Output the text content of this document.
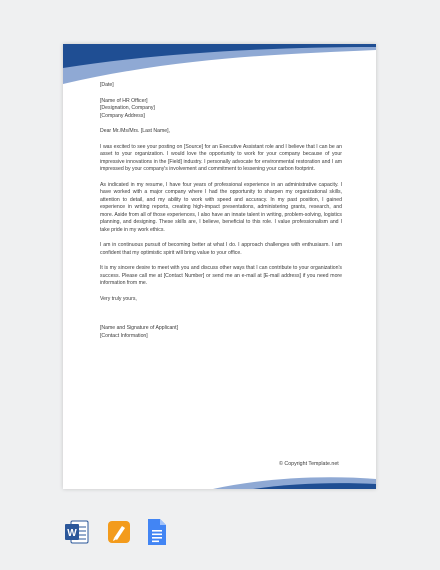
[Date]

[Name of HR Officer]

[Designation, Company]

[Company Address]

Dear Mr./Ms/Mrs. [Last Name],

I was excited to see your posting on [Source] for an Executive Assistant role and I believe that I can be an asset to your organization. I would love the opportunity to work for your company because of your impressive innovations in the [Field] industry. I personally advocate for environmental restoration and I am impressed by your company's involvement and commitment to lessening your carbon footprint.

As indicated in my resume, I have four years of professional experience in an administrative capacity. I have worked with a major company where I had the opportunity to sharpen my organizational skills, attention to detail, and my ability to work with speed and accuracy. In my past position, I gained experience in writing reports, creating high-impact presentations, administering grants, research, and more. Aside from all of those experiences, I also have an innate talent in writing, problem-solving, logistics planning, and designing. These skills are, I believe, beneficial to this role. I value professionalism and I take pride in my work ethics.

I am in continuous pursuit of becoming better at what I do. I approach challenges with enthusiasm. I am confident that my optimistic spirit will bring value to your office.

It is my sincere desire to meet with you and discuss other ways that I can contribute to your organization's success. Please call me at [Contact Number] or send me an e-mail at [E-mail address] if you need more information from me.

Very truly yours,

[Name and Signature of Applicant]

[Contact Information]

© Copyright Template.net
W
